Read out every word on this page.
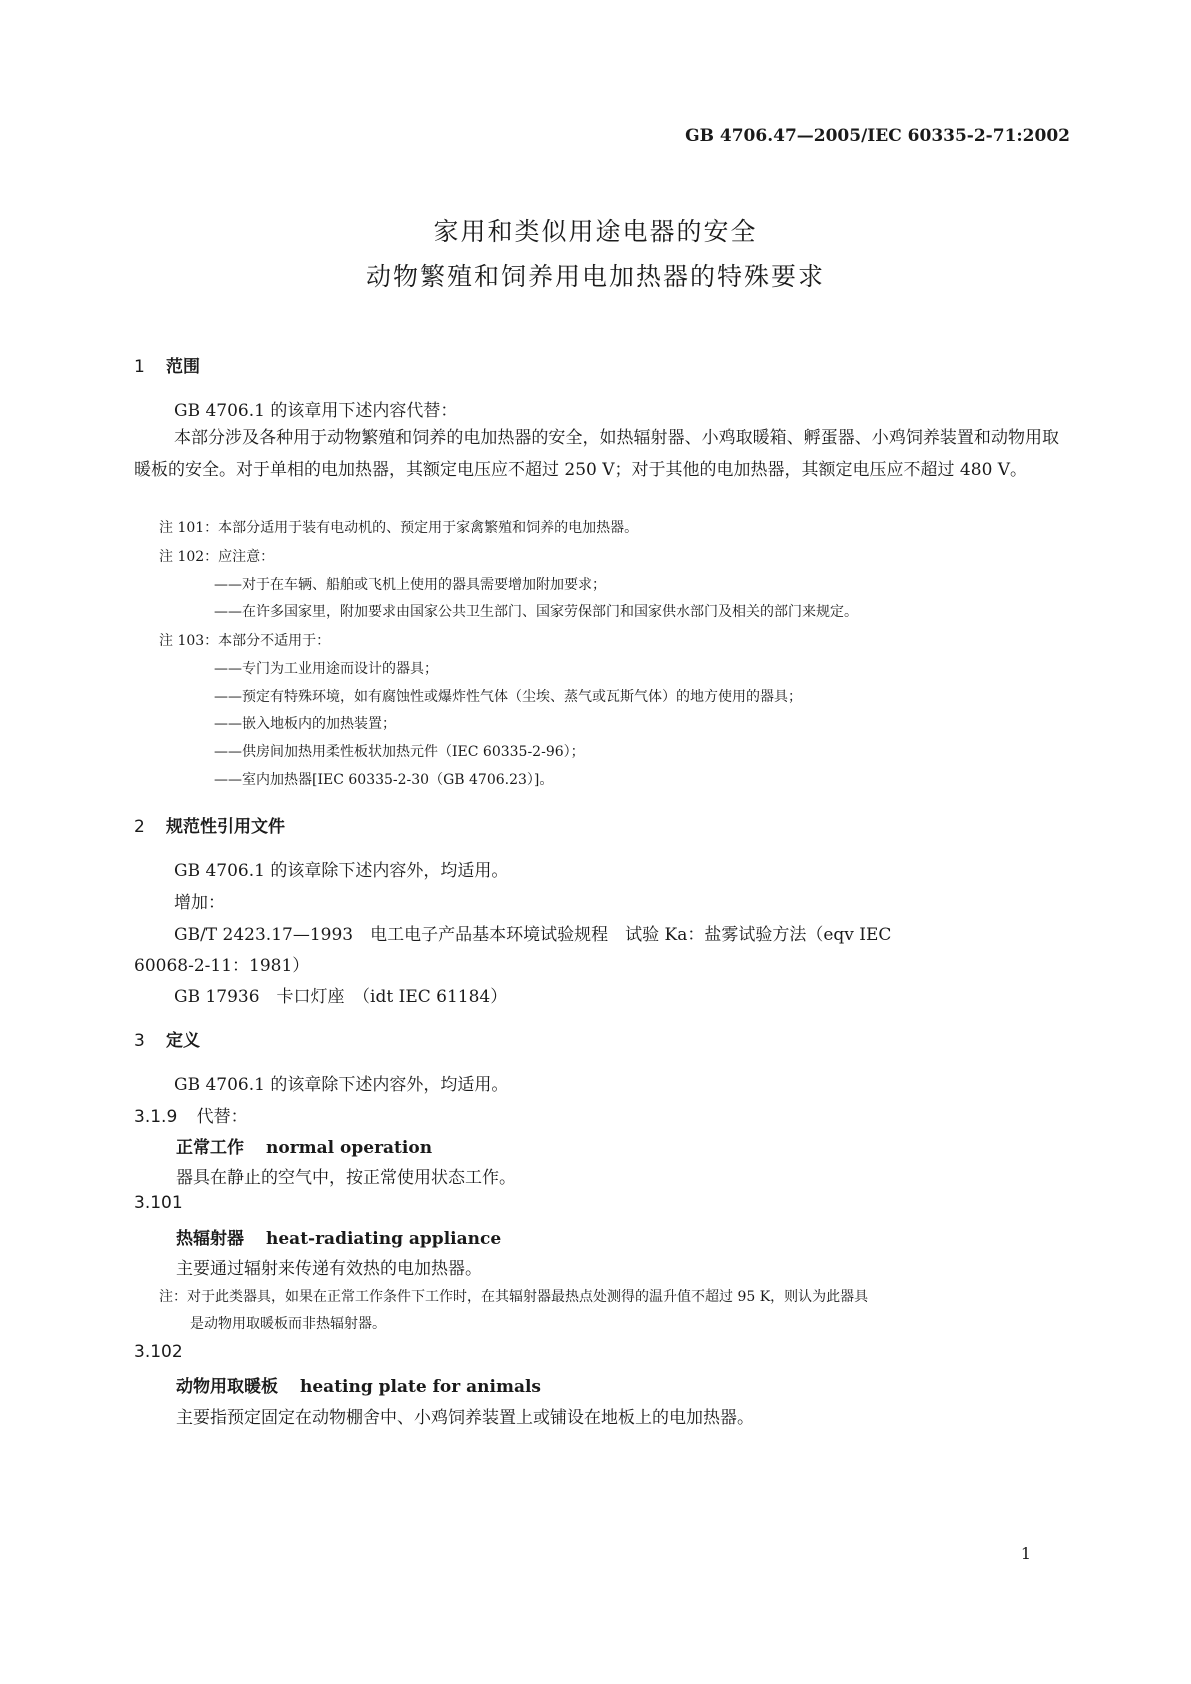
GB 4706.47—2005/IEC 60335-2-71:2002
家用和类似用途电器的安全
动物繁殖和饲养用电加热器的特殊要求
1 范围
GB 4706.1 的该章用下述内容代替：
本部分涉及各种用于动物繁殖和饲养的电加热器的安全，如热辐射器、小鸡取暖箱、孵蛋器、小鸡饲养装置和动物用取暖板的安全。对于单相的电加热器，其额定电压应不超过 250 V；对于其他的电加热器，其额定电压应不超过 480 V。
注 101：本部分适用于装有电动机的、预定用于家禽繁殖和饲养的电加热器。
注 102：应注意：
——对于在车辆、船舶或飞机上使用的器具需要增加附加要求；
——在许多国家里，附加要求由国家公共卫生部门、国家劳保部门和国家供水部门及相关的部门来规定。
注 103：本部分不适用于：
——专门为工业用途而设计的器具；
——预定有特殊环境，如有腐蚀性或爆炸性气体（尘埃、蒸气或瓦斯气体）的地方使用的器具；
——嵌入地板内的加热装置；
——供房间加热用柔性板状加热元件（IEC 60335-2-96）；
——室内加热器[IEC 60335-2-30（GB 4706.23）]。
2 规范性引用文件
GB 4706.1 的该章除下述内容外，均适用。
增加：
GB/T 2423.17—1993　电工电子产品基本环境试验规程　试验 Ka：盐雾试验方法（eqv IEC
60068-2-11：1981）
GB 17936　卡口灯座　（idt IEC 61184）
3 定义
GB 4706.1 的该章除下述内容外，均适用。
3.1.9 代替：
正常工作 normal operation
器具在静止的空气中，按正常使用状态工作。
3.101
热辐射器 heat-radiating appliance
主要通过辐射来传递有效热的电加热器。
注：对于此类器具，如果在正常工作条件下工作时，在其辐射器最热点处测得的温升值不超过 95 K，则认为此器具
是动物用取暖板而非热辐射器。
3.102
动物用取暖板 heating plate for animals
主要指预定固定在动物棚舍中、小鸡饲养装置上或铺设在地板上的电加热器。
1
